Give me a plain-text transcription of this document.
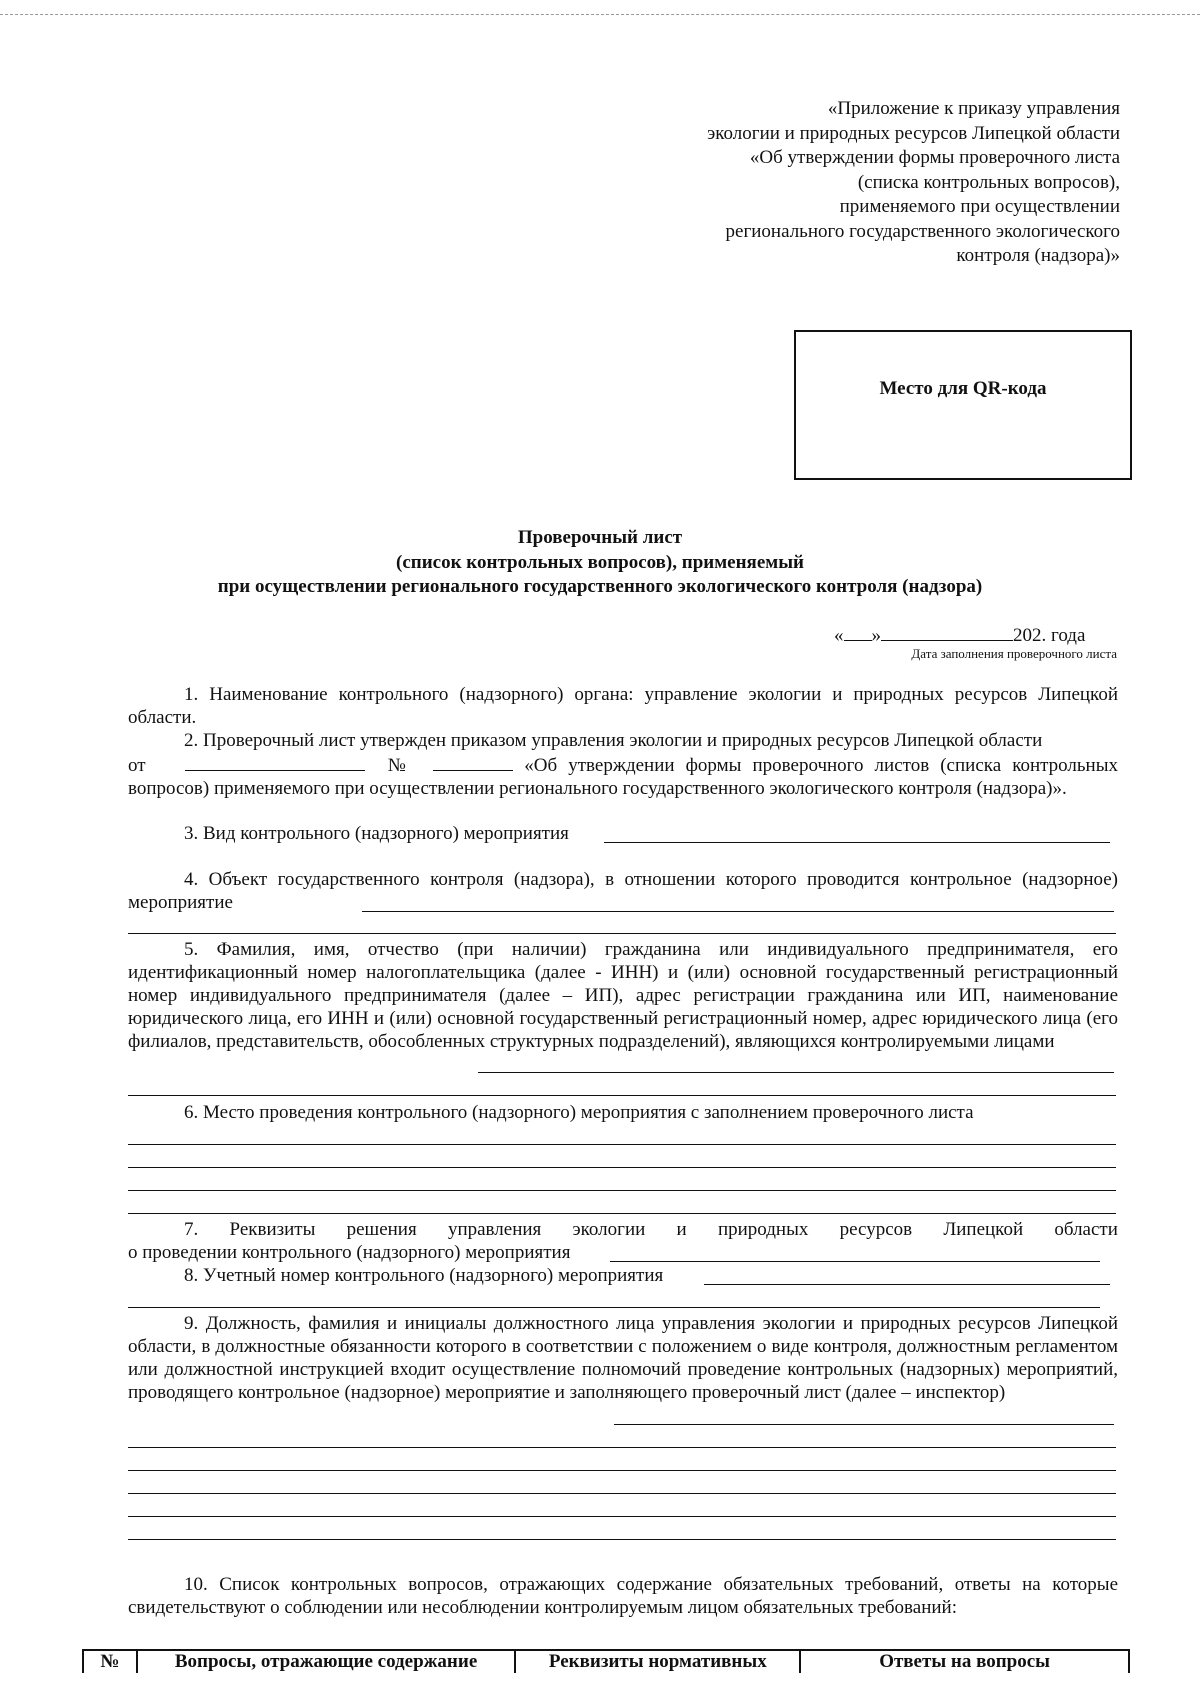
«Приложение к приказу управления
экологии и природных ресурсов Липецкой области
«Об утверждении формы проверочного листа
(списка контрольных вопросов),
применяемого при осуществлении
регионального государственного экологического
контроля (надзора)»
Место для QR-кода
Проверочный лист
(список контрольных вопросов), применяемый
при осуществлении регионального государственного экологического контроля (надзора)
« »	202. года
Дата заполнения проверочного листа
1. Наименование контрольного (надзорного) органа: управление экологии и природных ресурсов Липецкой области.
2. Проверочный лист утвержден приказом управления экологии и природных ресурсов Липецкой области
от	№	«Об утверждении формы проверочного листов (списка контрольных вопросов) применяемого при осуществлении регионального государственного экологического контроля (надзора)».
3. Вид контрольного (надзорного) мероприятия
4. Объект государственного контроля (надзора), в отношении которого проводится контрольное (надзорное) мероприятие
5. Фамилия, имя, отчество (при наличии) гражданина или индивидуального предпринимателя, его идентификационный номер налогоплательщика (далее - ИНН) и (или) основной государственный регистрационный номер индивидуального предпринимателя (далее – ИП), адрес регистрации гражданина или ИП, наименование юридического лица, его ИНН и (или) основной государственный регистрационный номер, адрес юридического лица (его филиалов, представительств, обособленных структурных подразделений), являющихся контролируемыми лицами
6. Место проведения контрольного (надзорного) мероприятия с заполнением проверочного листа
7. Реквизиты решения управления экологии и природных ресурсов Липецкой области
о проведении контрольного (надзорного) мероприятия
8. Учетный номер контрольного (надзорного) мероприятия
9. Должность, фамилия и инициалы должностного лица управления экологии и природных ресурсов Липецкой области, в должностные обязанности которого в соответствии с положением о виде контроля, должностным регламентом или должностной инструкцией входит осуществление полномочий проведение контрольных (надзорных) мероприятий, проводящего контрольное (надзорное) мероприятие и заполняющего проверочный лист (далее – инспектор)
10. Список контрольных вопросов, отражающих содержание обязательных требований, ответы на которые свидетельствуют о соблюдении или несоблюдении контролируемым лицом обязательных требований:
№	Вопросы, отражающие содержание	Реквизиты нормативных	Ответы на вопросы
